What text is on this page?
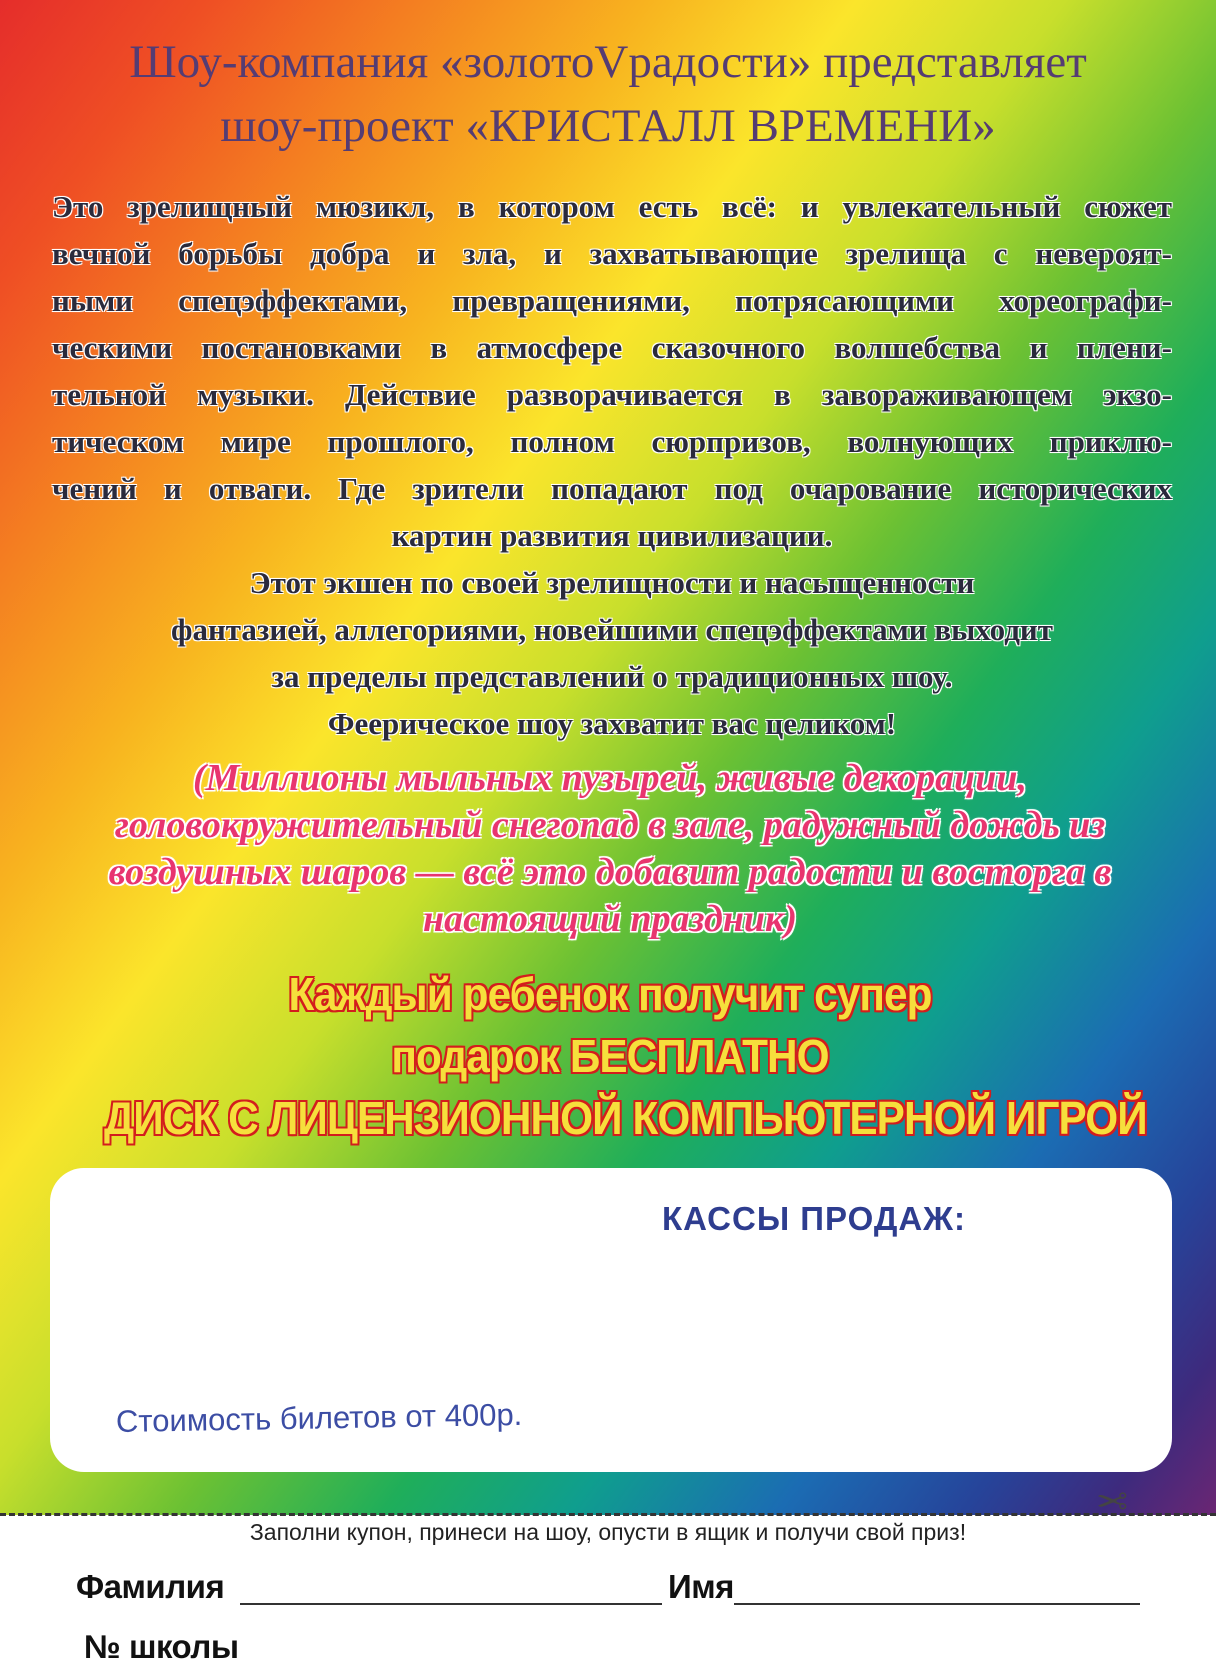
Шоу-компания «золотоVрадости» представляет
шоу-проект «КРИСТАЛЛ ВРЕМЕНИ»
Это зрелищный мюзикл, в котором есть всё: и увлекательный сюжет
вечной борьбы добра и зла, и захватывающие зрелища с невероят-
ными спецэффектами, превращениями, потрясающими хореографи-
ческими постановками в атмосфере сказочного волшебства и плени-
тельной музыки. Действие разворачивается в завораживающем экзо-
тическом мире прошлого, полном сюрпризов, волнующих приклю-
чений и отваги. Где зрители попадают под очарование исторических
картин развития цивилизации.
Этот экшен по своей зрелищности и насыщенности
фантазией, аллегориями, новейшими спецэффектами выходит
за пределы представлений о традиционных шоу.
Феерическое шоу захватит вас целиком!
(Миллионы мыльных пузырей, живые декорации,
головокружительный снегопад в зале, радужный дождь из
воздушных шаров — всё это добавит радости и восторга в
настоящий праздник)
Каждый ребенок получит супер
подарок БЕСПЛАТНО
ДИСК С ЛИЦЕНЗИОННОЙ КОМПЬЮТЕРНОЙ ИГРОЙ
КАССЫ ПРОДАЖ:
Стоимость билетов от 400р.
✂
Заполни купон, принеси на шоу, опусти в ящик и получи свой приз!
Фамилия	Имя
№ школы
